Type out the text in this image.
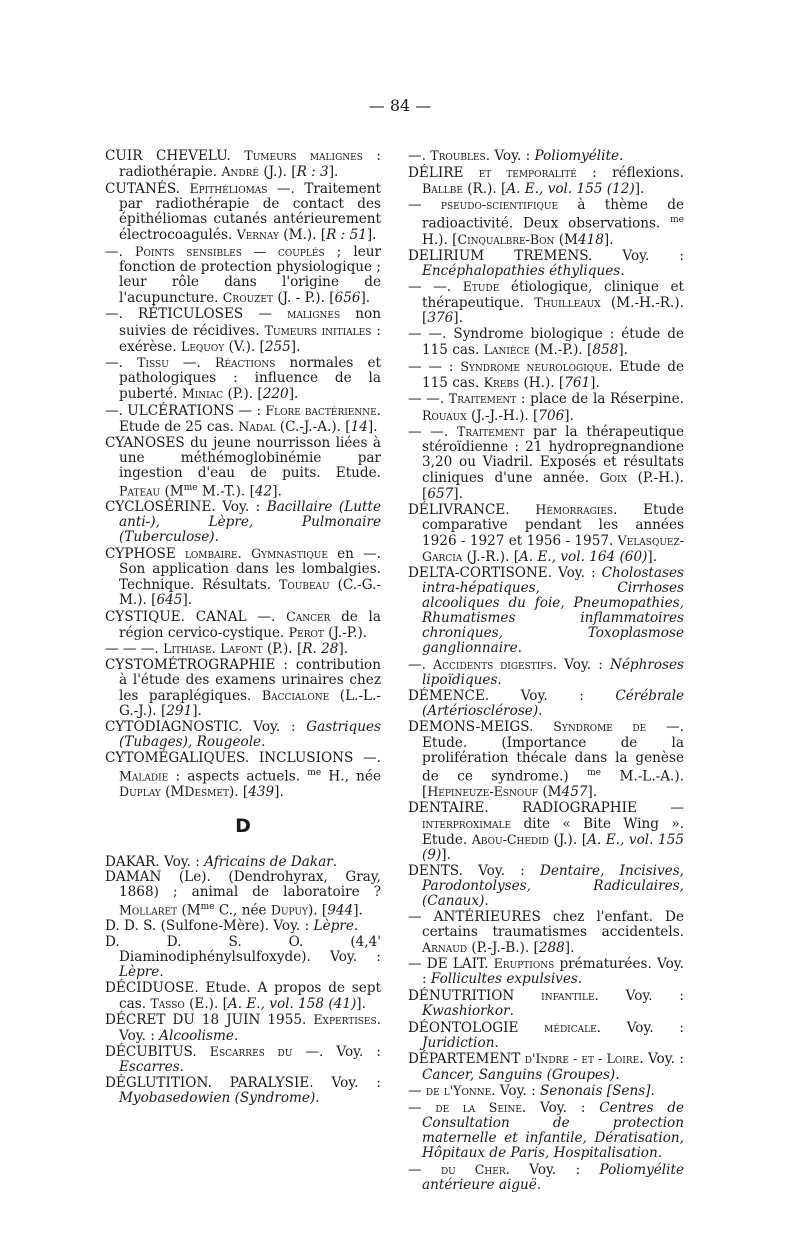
— 84 —
CUIR CHEVELU. Tumeurs malignes : radiothérapie. André (J.). [R : 3].
CUTANÉS. Epithéliomas —. Traitement par radiothérapie de contact des épithéliomas cutanés antérieurement électrocoagulés. Vernay (M.). [R : 51].
—. Points sensibles — couplés ; leur fonction de protection physiologique ; leur rôle dans l'origine de l'acupuncture. Crouzet (J. - P.). [656].
—. RÉTICULOSES — malignes non suivies de récidives. Tumeurs initiales : exérèse. Lequoy (V.). [255].
—. Tissu —. Réactions normales et pathologiques : influence de la puberté. Miniac (P.). [220].
—. ULCÉRATIONS — : Flore bactérienne. Etude de 25 cas. Nadal (C.-J.-A.). [14].
CYANOSES du jeune nourrisson liées à une méthémoglobinémie par ingestion d'eau de puits. Etude. Pateau ($M^{me}$ M.-T.). [42].
CYCLOSÉRINE. Voy. : Bacillaire (Lutte anti-), Lèpre, Pulmonaire (Tuberculose).
CYPHOSE lombaire. Gymnastique en —. Son application dans les lombalgies. Technique. Résultats. Toubeau (C.-G.-M.). [645].
CYSTIQUE. CANAL —. Cancer de la région cervico-cystique. Perot (J.-P.).
— — —. Lithiase. Lafont (P.). [R. 28].
CYSTOMÉTROGRAPHIE : contribution à l'étude des examens urinaires chez les paraplégiques. Baccialone (L.-L.-G.-J.). [291].
CYTODIAGNOSTIC. Voy. : Gastriques (Tubages), Rougeole.
CYTOMÉGALIQUES. INCLUSIONS —. Maladie : aspects actuels. $^{me}$ H., née Duplay (MDesmet). [439].
D
DAKAR. Voy. : Africains de Dakar.
DAMAN (Le). (Dendrohyrax, Gray, 1868) ; animal de laboratoire ? Mollaret ($M^{me}$ C., née Dupuy). [944].
D. D. S. (Sulfone-Mère). Voy. : Lèpre.
D. D. S. O. (4,4' Diaminodiphénylsulfoxyde). Voy. : Lèpre.
DÉCIDUOSE. Etude. A propos de sept cas. Tasso (E.). [A. E., vol. 158 (41)].
DÉCRET DU 18 JUIN 1955. Expertises. Voy. : Alcoolisme.
DÉCUBITUS. Escarres du —. Voy. : Escarres.
DÉGLUTITION. PARALYSIE. Voy. : Myobasedowien (Syndrome).
—. Troubles. Voy. : Poliomyélite.
DÉLIRE et temporalité : réflexions. Ballbe (R.). [A. E., vol. 155 (12)].
— pseudo-scientifique à thème de radioactivité. Deux observations. $^{me}$ H.). [Cinqualbre-Bon (M418].
DELIRIUM TREMENS. Voy. : Encéphalopathies éthyliques.
— —. Etude étiologique, clinique et thérapeutique. Thuilleaux (M.-H.-R.). [376].
— —. Syndrome biologique : étude de 115 cas. Lanièce (M.-P.). [858].
— — : Syndrome neurologique. Etude de 115 cas. Krebs (H.). [761].
— —. Traitement : place de la Réserpine. Rouaux (J.-J.-H.). [706].
— —. Traitement par la thérapeutique stéroïdienne : 21 hydropregnandione 3,20 ou Viadril. Exposés et résultats cliniques d'une année. Goix (P.-H.). [657].
DÉLIVRANCE. Hémorragies. Etude comparative pendant les années 1926 - 1927 et 1956 - 1957. Velasquez-Garcia (J.-R.). [A. E., vol. 164 (60)].
DELTA-CORTISONE. Voy. : Cholostases intra-hépatiques, Cirrhoses alcooliques du foie, Pneumopathies, Rhumatismes inflammatoires chroniques, Toxoplasmose ganglionnaire.
—. Accidents digestifs. Voy. : Néphroses lipoïdiques.
DÉMENCE. Voy. : Cérébrale (Artériosclérose).
DEMONS-MEIGS. Syndrome de —. Etude. (Importance de la prolifération thécale dans la genèse de ce syndrome.) $^{me}$ M.-L.-A.). [Hepineuze-Esnouf (M457].
DENTAIRE. RADIOGRAPHIE — interproximale dite « Bite Wing ». Etude. Abou-Chedid (J.). [A. E., vol. 155 (9)].
DENTS. Voy. : Dentaire, Incisives, Parodontolyses, Radiculaires, (Canaux).
— ANTÉRIEURES chez l'enfant. De certains traumatismes accidentels. Arnaud (P.-J.-B.). [288].
— DE LAIT. Eruptions prématurées. Voy. : Follicultes expulsives.
DÉNUTRITION infantile. Voy. : Kwashiorkor.
DÉONTOLOGIE médicale. Voy. : Juridiction.
DÉPARTEMENT d'Indre - et - Loire. Voy. : Cancer, Sanguins (Groupes).
— de l'Yonne. Voy. : Senonais [Sens].
— de la Seine. Voy. : Centres de Consultation de protection maternelle et infantile, Dératisation, Hôpitaux de Paris, Hospitalisation.
— du Cher. Voy. : Poliomyélite antérieure aiguë.
